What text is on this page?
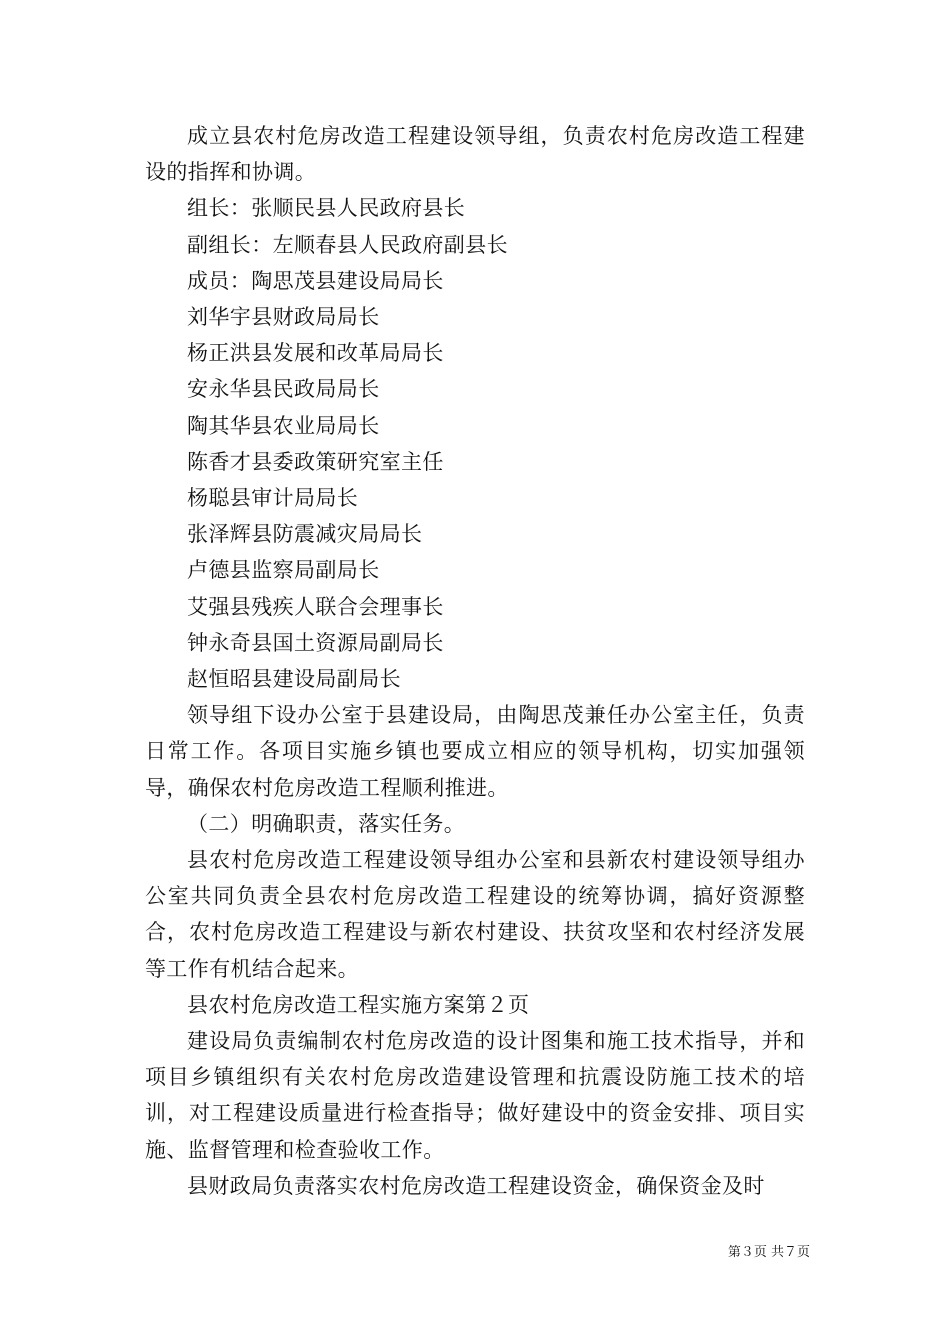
成立县农村危房改造工程建设领导组，负责农村危房改造工程建设的指挥和协调。

组长：张顺民县人民政府县长

副组长：左顺春县人民政府副县长

成员：陶思茂县建设局局长

刘华宇县财政局局长

杨正洪县发展和改革局局长

安永华县民政局局长

陶其华县农业局局长

陈香才县委政策研究室主任

杨聪县审计局局长

张泽辉县防震减灾局局长

卢德县监察局副局长

艾强县残疾人联合会理事长

钟永奇县国土资源局副局长

赵恒昭县建设局副局长

领导组下设办公室于县建设局，由陶思茂兼任办公室主任，负责日常工作。各项目实施乡镇也要成立相应的领导机构，切实加强领导，确保农村危房改造工程顺利推进。

（二）明确职责，落实任务。

县农村危房改造工程建设领导组办公室和县新农村建设领导组办公室共同负责全县农村危房改造工程建设的统筹协调，搞好资源整合，农村危房改造工程建设与新农村建设、扶贫攻坚和农村经济发展等工作有机结合起来。

县农村危房改造工程实施方案第２页

建设局负责编制农村危房改造的设计图集和施工技术指导，并和项目乡镇组织有关农村危房改造建设管理和抗震设防施工技术的培训，对工程建设质量进行检查指导；做好建设中的资金安排、项目实施、监督管理和检查验收工作。

县财政局负责落实农村危房改造工程建设资金，确保资金及时

第３页 共７页
